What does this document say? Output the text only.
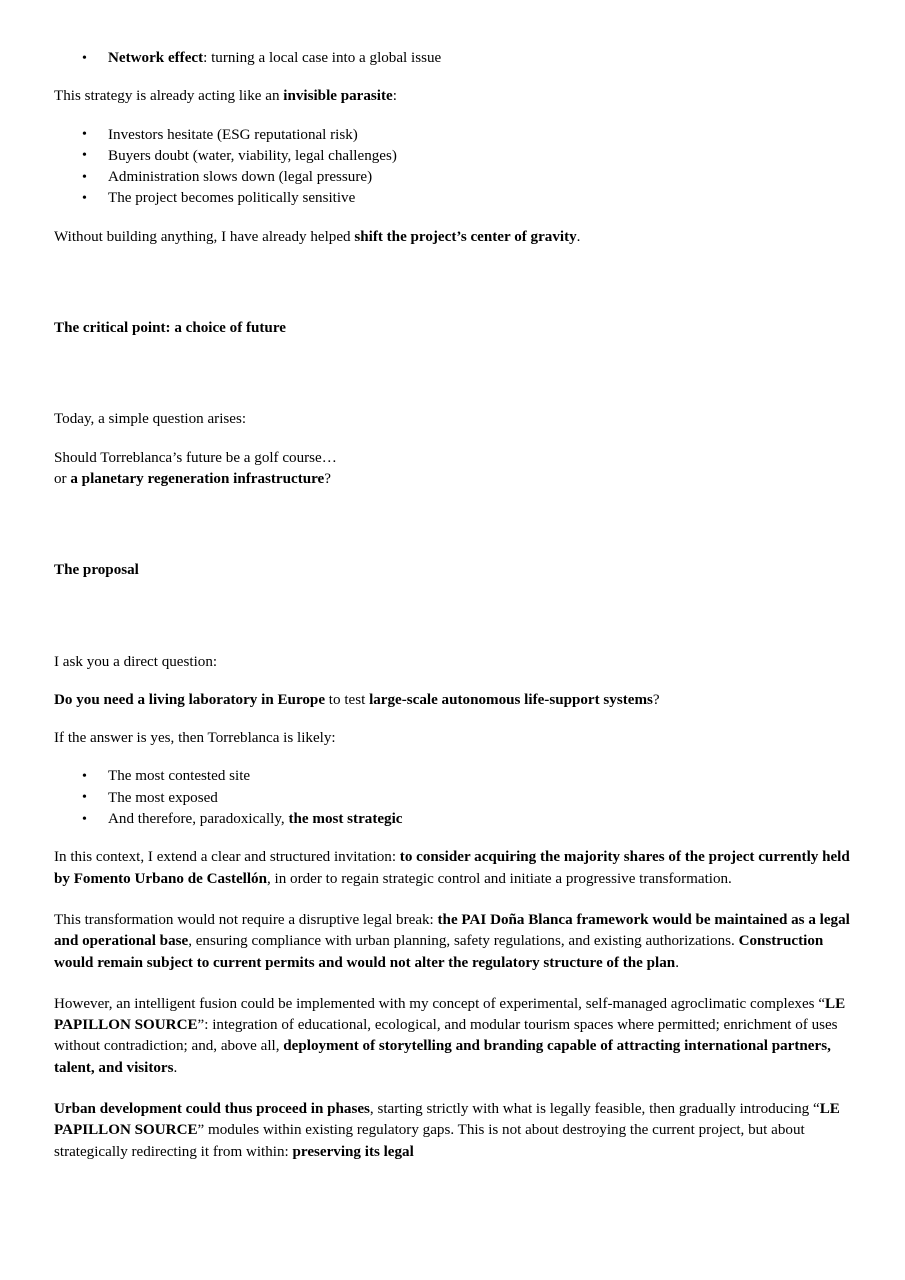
• Network effect: turning a local case into a global issue

This strategy is already acting like an invisible parasite:

• Investors hesitate (ESG reputational risk)
• Buyers doubt (water, viability, legal challenges)
• Administration slows down (legal pressure)
• The project becomes politically sensitive

Without building anything, I have already helped shift the project’s center of gravity.

The critical point: a choice of future

Today, a simple question arises:

Should Torreblanca’s future be a golf course…

or a planetary regeneration infrastructure?

The proposal

I ask you a direct question:

Do you need a living laboratory in Europe to test large-scale autonomous life-support systems?

If the answer is yes, then Torreblanca is likely:

• The most contested site
• The most exposed
• And therefore, paradoxically, the most strategic

In this context, I extend a clear and structured invitation: to consider acquiring the majority shares of the project currently held by Fomento Urbano de Castellón, in order to regain strategic control and initiate a progressive transformation.

This transformation would not require a disruptive legal break: the PAI Doña Blanca framework would be maintained as a legal and operational base, ensuring compliance with urban planning, safety regulations, and existing authorizations. Construction would remain subject to current permits and would not alter the regulatory structure of the plan.

However, an intelligent fusion could be implemented with my concept of experimental, self-managed agroclimatic complexes “LE PAPILLON SOURCE”: integration of educational, ecological, and modular tourism spaces where permitted; enrichment of uses without contradiction; and, above all, deployment of storytelling and branding capable of attracting international partners, talent, and visitors.

Urban development could thus proceed in phases, starting strictly with what is legally feasible, then gradually introducing “LE PAPILLON SOURCE” modules within existing regulatory gaps. This is not about destroying the current project, but about strategically redirecting it from within: preserving its legal
